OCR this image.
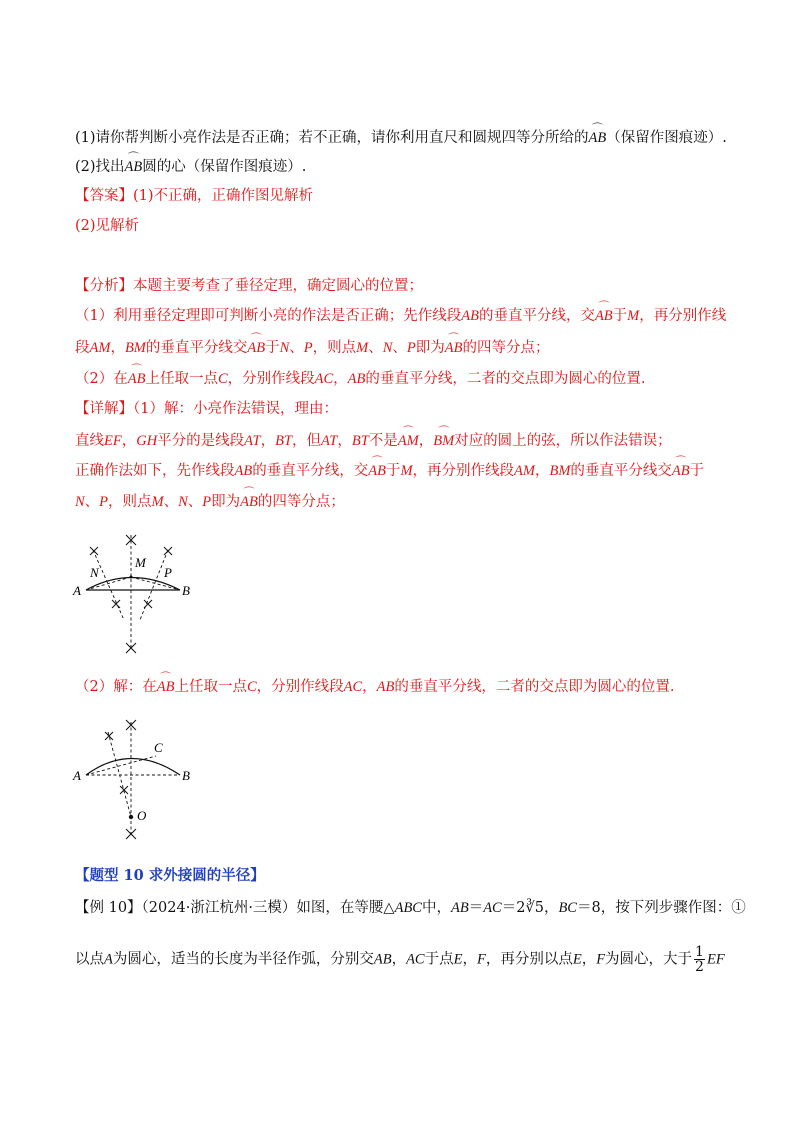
(1)请你帮判断小亮作法是否正确；若不正确，请你利用直尺和圆规四等分所给的⌒ AB（保留作图痕迹）.
(2)找出⌒ AB圆的心（保留作图痕迹）.
【答案】(1)不正确，正确作图见解析
(2)见解析
【分析】本题主要考查了垂径定理，确定圆心的位置；
（1）利用垂径定理即可判断小亮的作法是否正确；先作线段AB的垂直平分线，交⌒ AB于M，再分别作线
段AM，BM的垂直平分线交⌒ AB于N、P，则点M、N、P即为⌒ AB的四等分点；
（2）在⌒ AB上任取一点C，分别作线段AC，AB的垂直平分线，二者的交点即为圆心的位置.
【详解】（1）解：小亮作法错误，理由：
直线EF，GH平分的是线段AT，BT，但AT，BT不是⌒ AM，⌒ BM对应的圆上的弦，所以作法错误；
正确作法如下，先作线段AB的垂直平分线，交⌒ AB于M，再分别作线段AM，BM的垂直平分线交⌒ AB于
N、P，则点M、N、P即为⌒ AB的四等分点；
A	B
M
N	P
（2）解：在⌒ AB上任取一点C，分别作线段AC，AB的垂直平分线，二者的交点即为圆心的位置.
A	B
C
O
【题型 10 求外接圆的半径】
【例 10】（2024·浙江杭州·三模）如图，在等腰△ABC中，AB＝AC＝2∛5，BC＝8，按下列步骤作图：①
以点A为圆心，适当的长度为半径作弧，分别交AB，AC于点E，F，再分别以点E，F为圆心，大于 $\frac{1}{2}$ EF
